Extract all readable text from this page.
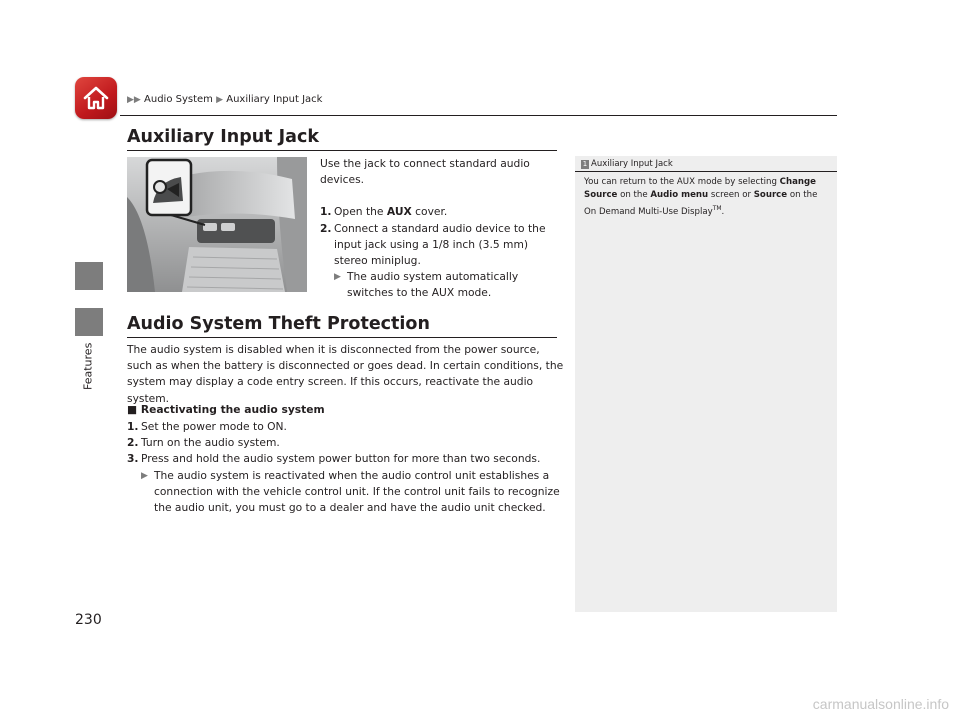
Features
▶▶ Audio System ▶ Auxiliary Input Jack
Auxiliary Input Jack

Use the jack to connect standard audio devices.

1. Open the AUX cover.

2. Connect a standard audio device to the input jack using a 1/8 inch (3.5 mm) stereo miniplug.

▶ The audio system automatically switches to the AUX mode.

Audio System Theft Protection

The audio system is disabled when it is disconnected from the power source, such as when the battery is disconnected or goes dead. In certain conditions, the system may display a code entry screen. If this occurs, reactivate the audio system.

■ Reactivating the audio system

1. Set the power mode to ON.

2. Turn on the audio system.

3. Press and hold the audio system power button for more than two seconds.

▶ The audio system is reactivated when the audio control unit establishes a connection with the vehicle control unit. If the control unit fails to recognize the audio unit, you must go to a dealer and have the audio unit checked.

1 Auxiliary Input Jack

You can return to the AUX mode by selecting Change Source on the Audio menu screen or Source on the On Demand Multi-Use Display™.

230
carmanualsonline.info
